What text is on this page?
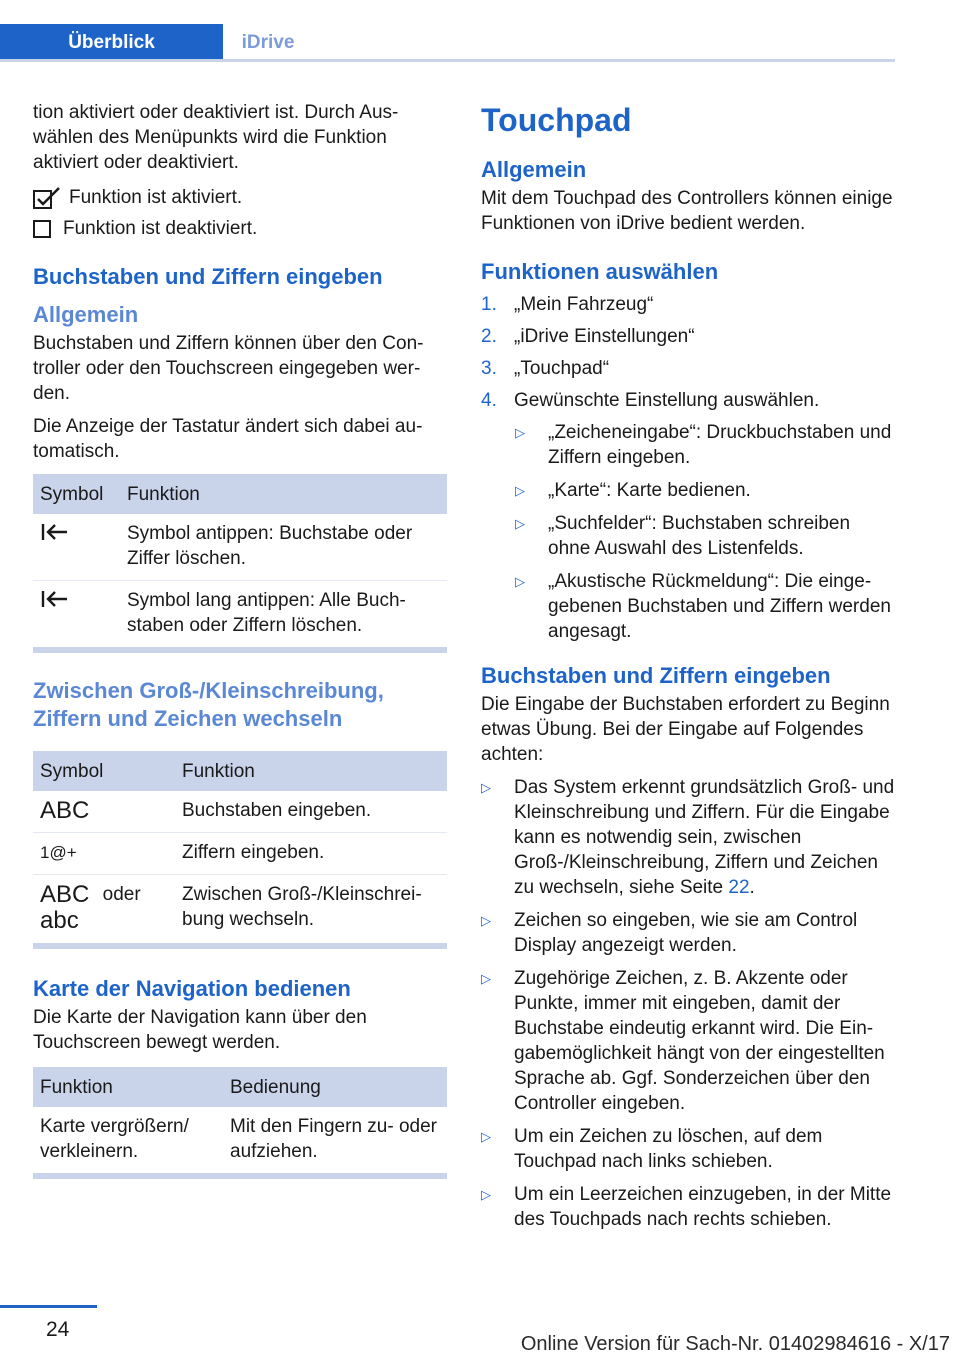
Überblick	iDrive

tion aktiviert oder deaktiviert ist. Durch Auswählen des Menüpunkts wird die Funktion aktiviert oder deaktiviert.

Funktion ist aktiviert.
Funktion ist deaktiviert.
Buchstaben und Ziffern eingeben
Allgemein

Buchstaben und Ziffern können über den Controller oder den Touchscreen eingegeben werden.

Die Anzeige der Tastatur ändert sich dabei automatisch.

Symbol	Funktion
	Symbol antippen: Buchstabe oder Ziffer löschen.
	Symbol lang antippen: Alle Buchstaben oder Ziffern löschen.
Zwischen Groß-/Kleinschreibung, Ziffern und Zeichen wechseln
Symbol	Funktion
ABC	Buchstaben eingeben.
1@+	Ziffern eingeben.
ABC
abc oder	Zwischen Groß-/Kleinschreibung wechseln.
Karte der Navigation bedienen

Die Karte der Navigation kann über den Touchscreen bewegt werden.

Funktion	Bedienung
Karte vergrößern/ verkleinern.	Mit den Fingern zu- oder aufziehen.
Touchpad
Allgemein

Mit dem Touchpad des Controllers können einige Funktionen von iDrive bedient werden.

Funktionen auswählen
1. „Mein Fahrzeug“
2. „iDrive Einstellungen“
3. „Touchpad“
4. Gewünschte Einstellung auswählen.
▷	„Zeicheneingabe“: Druckbuchstaben und Ziffern eingeben.
▷	„Karte“: Karte bedienen.
▷	„Suchfelder“: Buchstaben schreiben ohne Auswahl des Listenfelds.
▷	„Akustische Rückmeldung“: Die eingegebenen Buchstaben und Ziffern werden angesagt.
Buchstaben und Ziffern eingeben

Die Eingabe der Buchstaben erfordert zu Beginn etwas Übung. Bei der Eingabe auf Folgendes achten:

▷	Das System erkennt grundsätzlich Groß- und Kleinschreibung und Ziffern. Für die Eingabe kann es notwendig sein, zwischen Groß-/Kleinschreibung, Ziffern und Zeichen zu wechseln, siehe Seite 22.
▷	Zeichen so eingeben, wie sie am Control Display angezeigt werden.
▷	Zugehörige Zeichen, z. B. Akzente oder Punkte, immer mit eingeben, damit der Buchstabe eindeutig erkannt wird. Die Eingabemöglichkeit hängt von der eingestellten Sprache ab. Ggf. Sonderzeichen über den Controller eingeben.
▷	Um ein Zeichen zu löschen, auf dem Touchpad nach links schieben.
▷	Um ein Leerzeichen einzugeben, in der Mitte des Touchpads nach rechts schieben.
24
Online Version für Sach-Nr. 01402984616 - X/17
